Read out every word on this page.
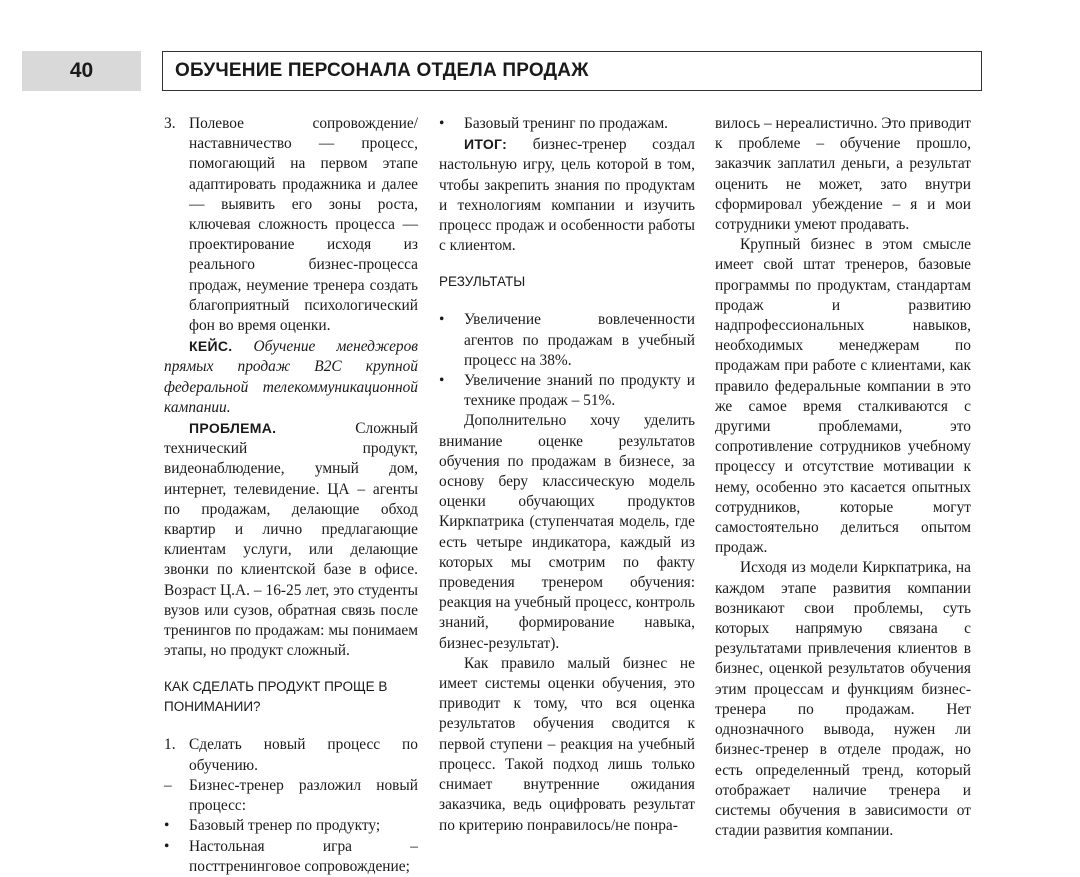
40	ОБУЧЕНИЕ ПЕРСОНАЛА ОТДЕЛА ПРОДАЖ
3. Полевое сопровождение/наставничество — процесс, помогающий на первом этапе адаптировать продажника и далее — выявить его зоны роста, ключевая сложность процесса — проектирование исходя из реального бизнес-процесса продаж, неумение тренера создать благоприятный психологический фон во время оценки.

КЕЙС. Обучение менеджеров прямых продаж B2C крупной федеральной телекоммуникационной кампании.

ПРОБЛЕМА. Сложный технический продукт, видеонаблюдение, умный дом, интернет, телевидение. ЦА – агенты по продажам, делающие обход квартир и лично предлагающие клиентам услуги, или делающие звонки по клиентской базе в офисе. Возраст Ц.А. – 16-25 лет, это студенты вузов или сузов, обратная связь после тренингов по продажам: мы понимаем этапы, но продукт сложный.

КАК СДЕЛАТЬ ПРОДУКТ ПРОЩЕ В ПОНИМАНИИ?

1. Сделать новый процесс по обучению.
–	Бизнес-тренер разложил новый процесс:
•	Базовый тренер по продукту;
•	Настольная игра – посттренинговое сопровождение;
•	Базовый тренинг по продажам.

ИТОГ: бизнес-тренер создал настольную игру, цель которой в том, чтобы закрепить знания по продуктам и технологиям компании и изучить процесс продаж и особенности работы с клиентом.

РЕЗУЛЬТАТЫ

•	Увеличение вовлеченности агентов по продажам в учебный процесс на 38%.
•	Увеличение знаний по продукту и технике продаж – 51%.

Дополнительно хочу уделить внимание оценке результатов обучения по продажам в бизнесе, за основу беру классическую модель оценки обучающих продуктов Киркпатрика (ступенчатая модель, где есть четыре индикатора, каждый из которых мы смотрим по факту проведения тренером обучения: реакция на учебный процесс, контроль знаний, формирование навыка, бизнес-результат).

Как правило малый бизнес не имеет системы оценки обучения, это приводит к тому, что вся оценка результатов обучения сводится к первой ступени – реакция на учебный процесс. Такой подход лишь только снимает внутренние ожидания заказчика, ведь оцифровать результат по критерию понравилось/не понра-

вилось – нереалистично. Это приводит к проблеме – обучение прошло, заказчик заплатил деньги, а результат оценить не может, зато внутри сформировал убеждение – я и мои сотрудники умеют продавать.

Крупный бизнес в этом смысле имеет свой штат тренеров, базовые программы по продуктам, стандартам продаж и развитию надпрофессиональных навыков, необходимых менеджерам по продажам при работе с клиентами, как правило федеральные компании в это же самое время сталкиваются с другими проблемами, это сопротивление сотрудников учебному процессу и отсутствие мотивации к нему, особенно это касается опытных сотрудников, которые могут самостоятельно делиться опытом продаж.

Исходя из модели Киркпатрика, на каждом этапе развития компании возникают свои проблемы, суть которых напрямую связана с результатами привлечения клиентов в бизнес, оценкой результатов обучения этим процессам и функциям бизнес-тренера по продажам. Нет однозначного вывода, нужен ли бизнес-тренер в отделе продаж, но есть определенный тренд, который отображает наличие тренера и системы обучения в зависимости от стадии развития компании.
